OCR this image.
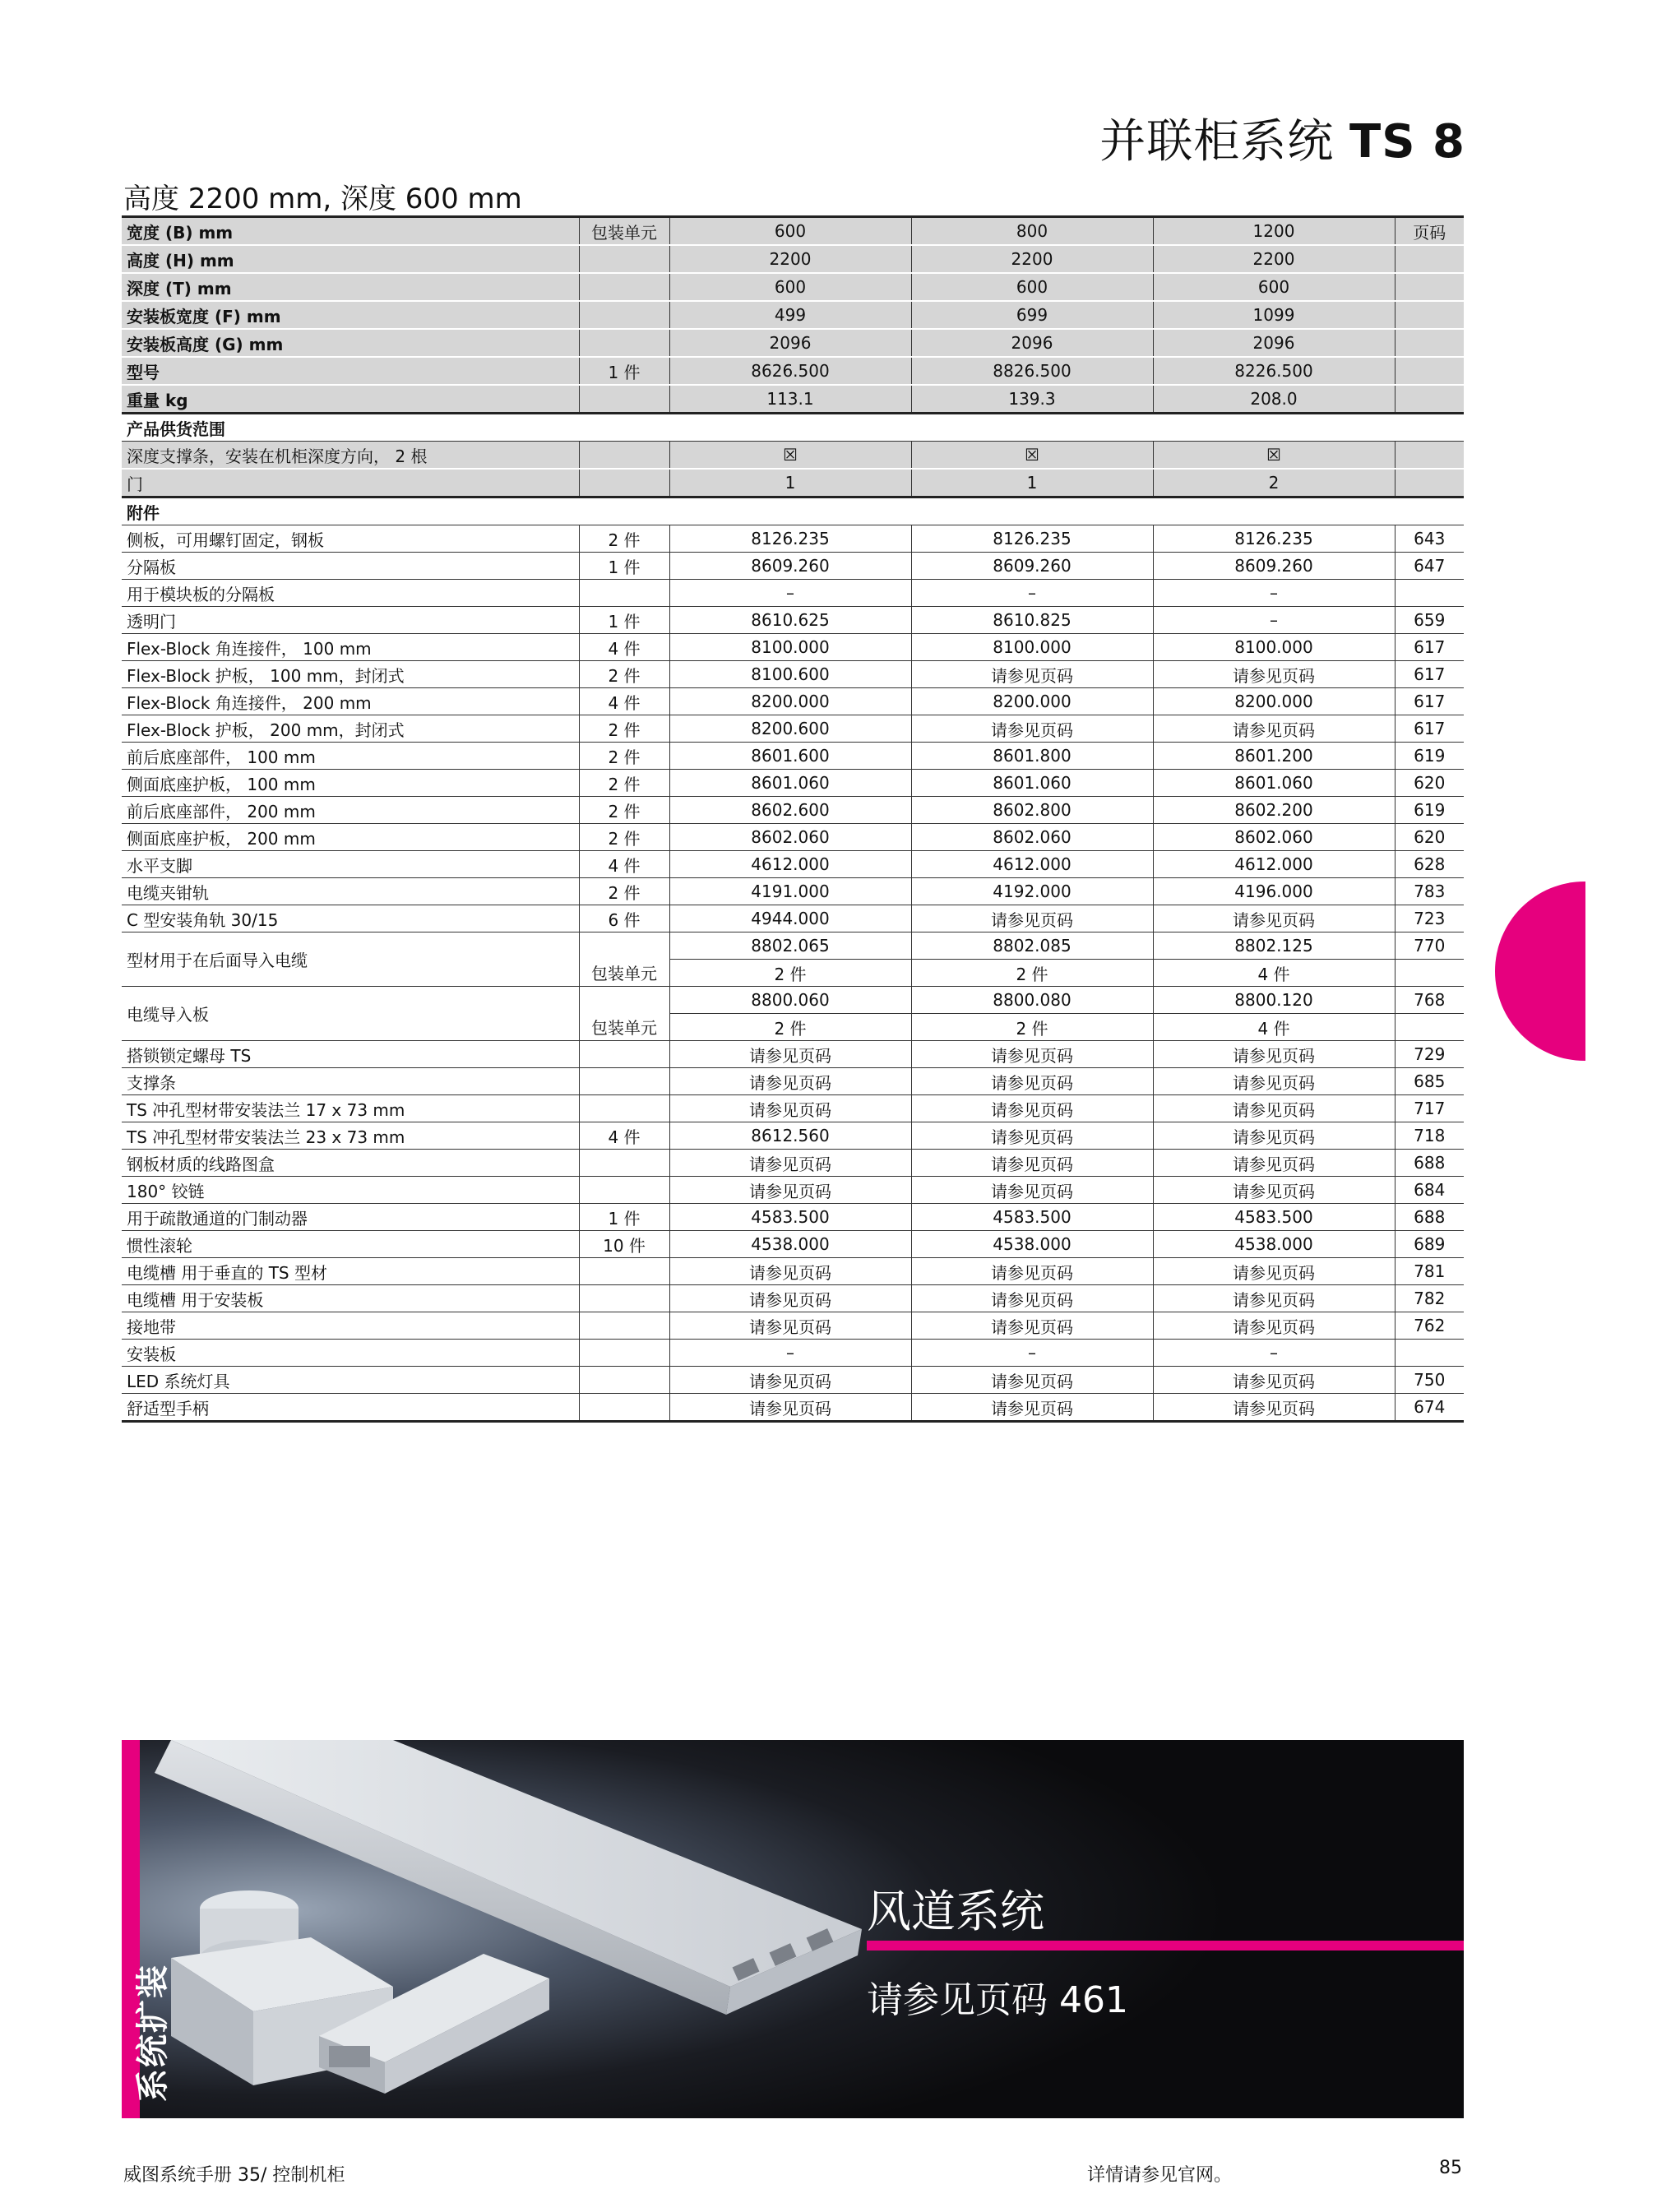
并联柜系统 TS 8
高度 2200 mm, 深度 600 mm
宽度 (B) mm	包装单元	600	800	1200	页码
高度 (H) mm		2200	2200	2200	
深度 (T) mm		600	600	600	
安装板宽度 (F) mm		499	699	1099	
安装板高度 (G) mm		2096	2096	2096	
型号	1 件	8626.500	8826.500	8226.500	
重量 kg		113.1	139.3	208.0	
产品供货范围					
深度支撑条，安装在机柜深度方向， 2 根		☒	☒	☒	
门		1	1	2	
附件					
侧板，可用螺钉固定，钢板	2 件	8126.235	8126.235	8126.235	643
分隔板	1 件	8609.260	8609.260	8609.260	647
用于模块板的分隔板		–	–	–	
透明门	1 件	8610.625	8610.825	–	659
Flex-Block 角连接件， 100 mm	4 件	8100.000	8100.000	8100.000	617
Flex-Block 护板， 100 mm，封闭式	2 件	8100.600	请参见页码	请参见页码	617
Flex-Block 角连接件， 200 mm	4 件	8200.000	8200.000	8200.000	617
Flex-Block 护板， 200 mm，封闭式	2 件	8200.600	请参见页码	请参见页码	617
前后底座部件， 100 mm	2 件	8601.600	8601.800	8601.200	619
侧面底座护板， 100 mm	2 件	8601.060	8601.060	8601.060	620
前后底座部件， 200 mm	2 件	8602.600	8602.800	8602.200	619
侧面底座护板， 200 mm	2 件	8602.060	8602.060	8602.060	620
水平支脚	4 件	4612.000	4612.000	4612.000	628
电缆夹钳轨	2 件	4191.000	4192.000	4196.000	783
C 型安装角轨 30/15	6 件	4944.000	请参见页码	请参见页码	723
型材用于在后面导入电缆		8802.065	8802.085	8802.125	770
	包装单元	2 件	2 件	4 件	
电缆导入板		8800.060	8800.080	8800.120	768
	包装单元	2 件	2 件	4 件	
搭锁锁定螺母 TS		请参见页码	请参见页码	请参见页码	729
支撑条		请参见页码	请参见页码	请参见页码	685
TS 冲孔型材带安装法兰 17 x 73 mm		请参见页码	请参见页码	请参见页码	717
TS 冲孔型材带安装法兰 23 x 73 mm	4 件	8612.560	请参见页码	请参见页码	718
钢板材质的线路图盒		请参见页码	请参见页码	请参见页码	688
180° 铰链		请参见页码	请参见页码	请参见页码	684
用于疏散通道的门制动器	1 件	4583.500	4583.500	4583.500	688
惯性滚轮	10 件	4538.000	4538.000	4538.000	689
电缆槽 用于垂直的 TS 型材		请参见页码	请参见页码	请参见页码	781
电缆槽 用于安装板		请参见页码	请参见页码	请参见页码	782
接地带		请参见页码	请参见页码	请参见页码	762
安装板		–	–	–	
LED 系统灯具		请参见页码	请参见页码	请参见页码	750
舒适型手柄		请参见页码	请参见页码	请参见页码	674
系统扩装
风道系统
请参见页码 461
威图系统手册 35/ 控制机柜	详情请参见官网。	85
